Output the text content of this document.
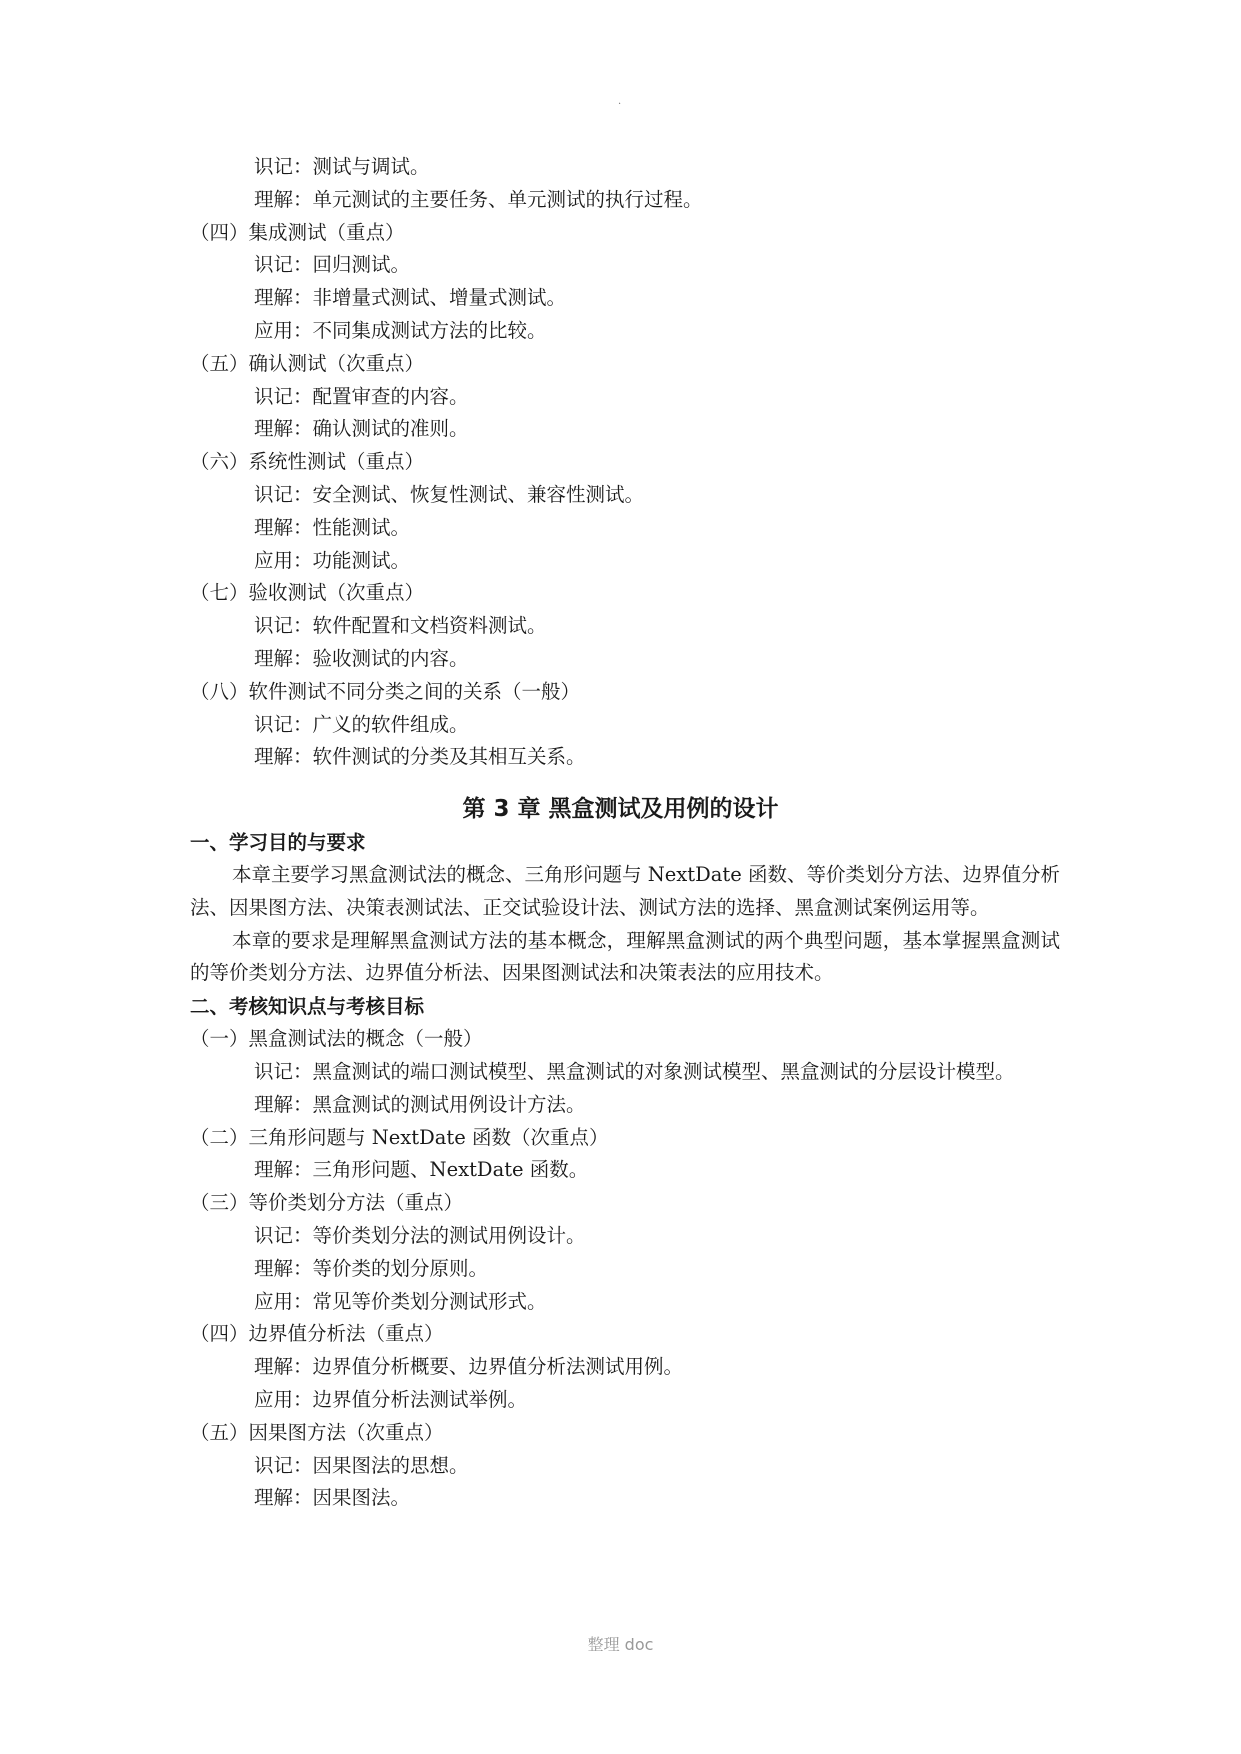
.
识记：测试与调试。
理解：单元测试的主要任务、单元测试的执行过程。
（四）集成测试（重点）
识记：回归测试。
理解：非增量式测试、增量式测试。
应用：不同集成测试方法的比较。
（五）确认测试（次重点）
识记：配置审查的内容。
理解：确认测试的准则。
（六）系统性测试（重点）
识记：安全测试、恢复性测试、兼容性测试。
理解：性能测试。
应用：功能测试。
（七）验收测试（次重点）
识记：软件配置和文档资料测试。
理解：验收测试的内容。
（八）软件测试不同分类之间的关系（一般）
识记：广义的软件组成。
理解：软件测试的分类及其相互关系。
第 3 章 黑盒测试及用例的设计
一、学习目的与要求
本章主要学习黑盒测试法的概念、三角形问题与 NextDate 函数、等价类划分方法、边界值分析法、因果图方法、决策表测试法、正交试验设计法、测试方法的选择、黑盒测试案例运用等。
本章的要求是理解黑盒测试方法的基本概念，理解黑盒测试的两个典型问题，基本掌握黑盒测试的等价类划分方法、边界值分析法、因果图测试法和决策表法的应用技术。
二、考核知识点与考核目标
（一）黑盒测试法的概念（一般）
识记：黑盒测试的端口测试模型、黑盒测试的对象测试模型、黑盒测试的分层设计模型。
理解：黑盒测试的测试用例设计方法。
（二）三角形问题与 NextDate 函数（次重点）
理解：三角形问题、NextDate 函数。
（三）等价类划分方法（重点）
识记：等价类划分法的测试用例设计。
理解：等价类的划分原则。
应用：常见等价类划分测试形式。
（四）边界值分析法（重点）
理解：边界值分析概要、边界值分析法测试用例。
应用：边界值分析法测试举例。
（五）因果图方法（次重点）
识记：因果图法的思想。
理解：因果图法。
整理 doc
